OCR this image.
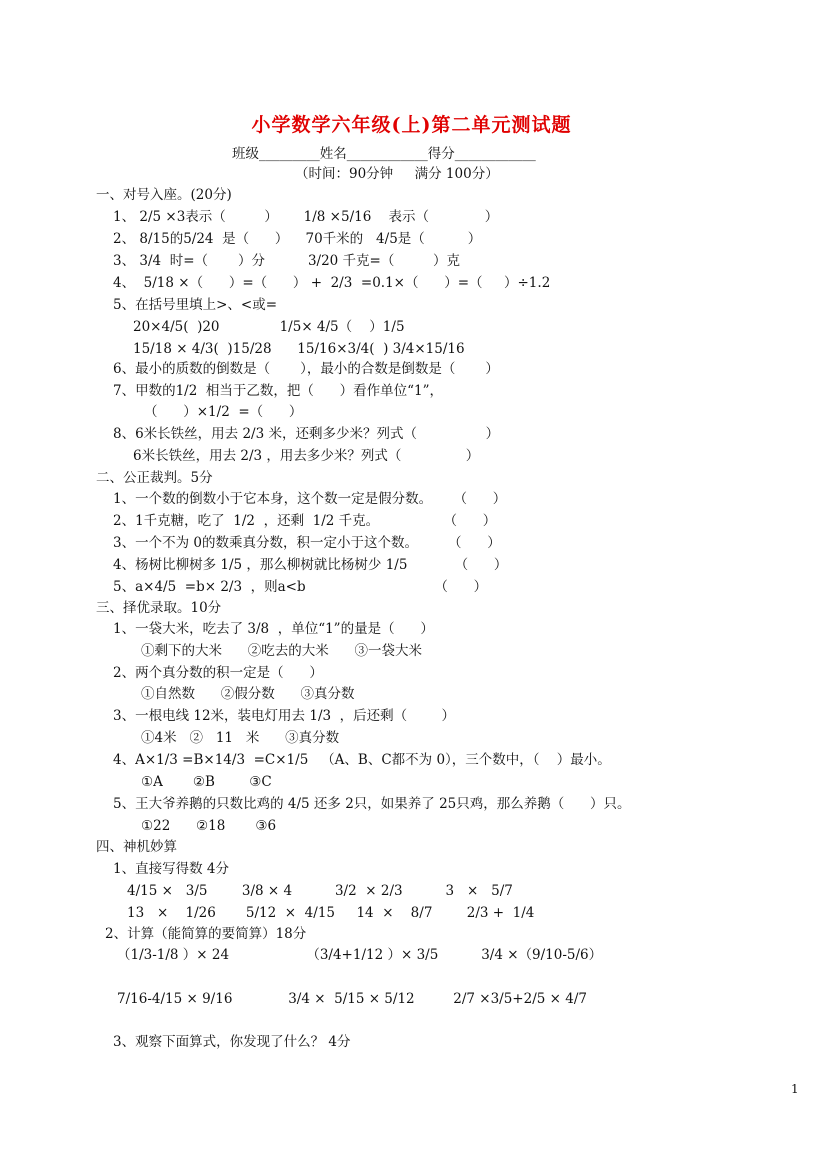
小学数学六年级(上)第二单元测试题
班级_________姓名____________得分____________
（时间：90分钟     满分 100分）
一、对号入座。(20分)
1、 2/5 ×3表示（         ）      1/8 ×5/16    表示（             ）
2、 8/15的5/24  是（      ）    70千米的   4/5是（          ）
3、 3/4  时=（       ）分          3/20 千克=（         ）克
4、  5/18 ×（      ）=（      ） +  2/3  =0.1×（      ）=（     ）÷1.2
5、在括号里填上>、<或=
20×4/5(  )20              1/5× 4/5（    ）1/5
15/18 × 4/3(  )15/28      15/16×3/4(  ) 3/4×15/16
6、最小的质数的倒数是（       ），最小的合数是倒数是（       ）
7、甲数的1/2  相当于乙数，把（      ）看作单位“1”，
（      ）×1/2  =（      ）
8、6米长铁丝，用去 2/3 米，还剩多少米？列式（                ）
6米长铁丝，用去 2/3 ，用去多少米？列式（               ）
二、公正裁判。5分
1、一个数的倒数小于它本身，这个数一定是假分数。     （      ）
2、1千克糖，吃了  1/2  ，还剩  1/2 千克。               （      ）
3、一个不为 0的数乘真分数，积一定小于这个数。       （      ）
4、杨树比柳树多 1/5 ，那么柳树就比杨树少 1/5           （      ）
5、a×4/5  =b× 2/3  ，则a<b                              （      ）
三、择优录取。10分
1、一袋大米，吃去了 3/8  ，单位“1”的量是（      ）
①剩下的大米      ②吃去的大米      ③一袋大米
2、两个真分数的积一定是（      ）
①自然数      ②假分数      ③真分数
3、一根电线 12米，装电灯用去 1/3  ，后还剩（        ）
①4米   ②   11   米      ③真分数
4、A×1/3 =B×14/3  =C×1/5   （A、B、C都不为 0），三个数中，（    ）最小。
①A       ②B        ③C
5、王大爷养鹅的只数比鸡的 4/5 还多 2只，如果养了 25只鸡，那么养鹅（      ）只。
①22      ②18       ③6
四、神机妙算
1、直接写得数 4分
4/15 ×   3/5        3/8 × 4          3/2  × 2/3          3   ×   5/7
13   ×    1/26       5/12  ×  4/15     14  ×    8/7        2/3 +  1/4
2、计算（能简算的要简算）18分
（1/3-1/8 ）× 24                  （3/4+1/12 ）× 3/5          3/4 ×（9/10-5/6）
7/16-4/15 × 9/16             3/4 ×  5/15 × 5/12         2/7 ×3/5+2/5 × 4/7
3、观察下面算式，你发现了什么？ 4分
1
